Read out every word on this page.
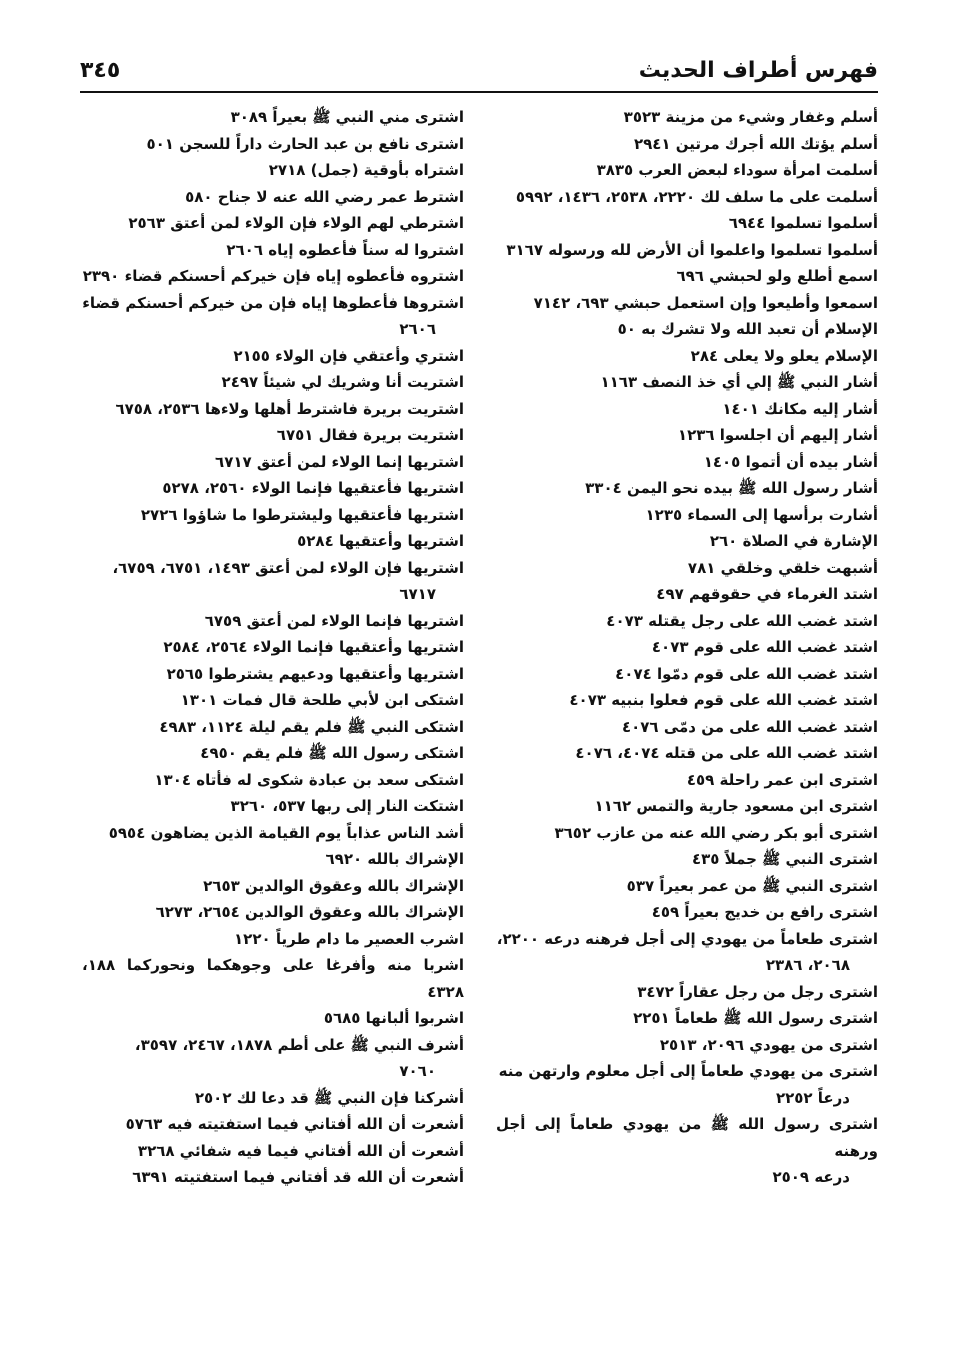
فهرس أطراف الحديث
٣٤٥

أسلم وغفار وشيء من مزينة ٣٥٢٣

أسلم يؤتك الله أجرك مرتين ٢٩٤١

أسلمت امرأة سوداء لبعض العرب ٣٨٣٥

أسلمت على ما سلف لك ٢٢٢٠، ٢٥٣٨، ١٤٣٦، ٥٩٩٢

أسلموا تسلموا ٦٩٤٤

أسلموا تسلموا واعلموا أن الأرض لله ورسوله ٣١٦٧

اسمع أطلع ولو لحبشي ٦٩٦

اسمعوا وأطيعوا وإن استعمل حبشي ٦٩٣، ٧١٤٢

الإسلام أن تعبد الله ولا تشرك به ٥٠

الإسلام يعلو ولا يعلى ٢٨٤

أشار النبي ﷺ إلي أي خذ النصف ١١٦٣

أشار إليه مكانك ١٤٠١

أشار إليهم أن اجلسوا ١٢٣٦

أشار بيده أن أتموا ١٤٠٥

أشار رسول الله ﷺ بيده نحو اليمن ٣٣٠٤

أشارت برأسها إلى السماء ١٢٣٥

الإشارة في الصلاة ٢٦٠

أشبهت خلقي وخلقي ٧٨١

اشتد الغرماء في حقوقهم ٤٩٧

اشتد غضب الله على رجل يقتله ٤٠٧٣

اشتد غضب الله على قوم ٤٠٧٣

اشتد غضب الله على قوم دمّوا ٤٠٧٤

اشتد غضب الله على قوم فعلوا بنبيه ٤٠٧٣

اشتد غضب الله على من دمّى ٤٠٧٦

اشتد غضب الله على من قتله ٤٠٧٤، ٤٠٧٦

اشترى ابن عمر راحلة ٤٥٩

اشترى ابن مسعود جارية والتمس ١١٦٢

اشترى أبو بكر رضي الله عنه من عازب ٣٦٥٢

اشترى النبي ﷺ جملاً ٤٣٥

اشترى النبي ﷺ من عمر بعيراً ٥٣٧

اشترى رافع بن خديج بعيراً ٤٥٩

اشترى طعاماً من يهودي إلى أجل فرهنه درعه ٢٢٠٠،
٢٠٦٨، ٢٣٨٦

اشترى رجل من رجل عقاراً ٣٤٧٢

اشترى رسول الله ﷺ طعاماً ٢٢٥١

اشترى من يهودي ٢٠٩٦، ٢٥١٣

اشترى من يهودي طعاماً إلى أجل معلوم وارتهن منه
درعاً ٢٢٥٢

اشترى رسول الله ﷺ من يهودي طعاماً إلى أجل ورهنه
درعه ٢٥٠٩

اشترى مني النبي ﷺ بعيراً ٣٠٨٩

اشترى نافع بن عبد الحارث داراً للسجن ٥٠١

اشتراه بأوقية (جمل) ٢٧١٨

اشترط عمر رضي الله عنه لا جناح ٥٨٠

اشترطي لهم الولاء فإن الولاء لمن أعتق ٢٥٦٣

اشتروا له سناً فأعطوه إياه ٢٦٠٦

اشتروه فأعطوه إياه فإن خيركم أحسنكم قضاء ٢٣٩٠

اشتروها فأعطوها إياه فإن من خيركم أحسنكم قضاء
٢٦٠٦

اشتري وأعتقي فإن الولاء ٢١٥٥

اشتريت أنا وشريك لي شيئاً ٢٤٩٧

اشتريت بريرة فاشترط أهلها ولاءها ٢٥٣٦، ٦٧٥٨

اشتريت بريرة فقال ٦٧٥١

اشتريها إنما الولاء لمن أعتق ٦٧١٧

اشتريها فأعتقيها فإنما الولاء ٢٥٦٠، ٥٢٧٨

اشتريها فأعتقيها وليشترطوا ما شاؤوا ٢٧٢٦

اشتريها وأعتقيها ٥٢٨٤

اشتريها فإن الولاء لمن أعتق ١٤٩٣، ٦٧٥١، ٦٧٥٩،
٦٧١٧

اشتريها فإنما الولاء لمن أعتق ٦٧٥٩

اشتريها وأعتقيها فإنما الولاء ٢٥٦٤، ٢٥٨٤

اشتريها وأعتقيها ودعيهم يشترطوا ٢٥٦٥

اشتكى ابن لأبي طلحة قال فمات ١٣٠١

اشتكى النبي ﷺ فلم يقم ليلة ١١٢٤، ٤٩٨٣

اشتكى رسول الله ﷺ فلم يقم ٤٩٥٠

اشتكى سعد بن عبادة شكوى له فأتاه ١٣٠٤

اشتكت النار إلى ربها ٥٣٧، ٣٢٦٠

أشد الناس عذاباً يوم القيامة الذين يضاهون ٥٩٥٤

الإشراك بالله ٦٩٢٠

الإشراك بالله وعقوق الوالدين ٢٦٥٣

الإشراك بالله وعقوق الوالدين ٢٦٥٤، ٦٢٧٣

اشرب العصير ما دام طرياً ١٢٢٠

اشربا منه وأفرغا على وجوهكما ونحوركما ١٨٨، ٤٣٢٨

اشربوا ألبانها ٥٦٨٥

أشرف النبي ﷺ على أطم ١٨٧٨، ٢٤٦٧، ٣٥٩٧،
٧٠٦٠

أشركنا فإن النبي ﷺ قد دعا لك ٢٥٠٢

أشعرت أن الله أفتاني فيما استفتيته فيه ٥٧٦٣

أشعرت أن الله أفتاني فيما فيه شفائي ٣٢٦٨

أشعرت أن الله قد أفتاني فيما استفتيته ٦٣٩١
